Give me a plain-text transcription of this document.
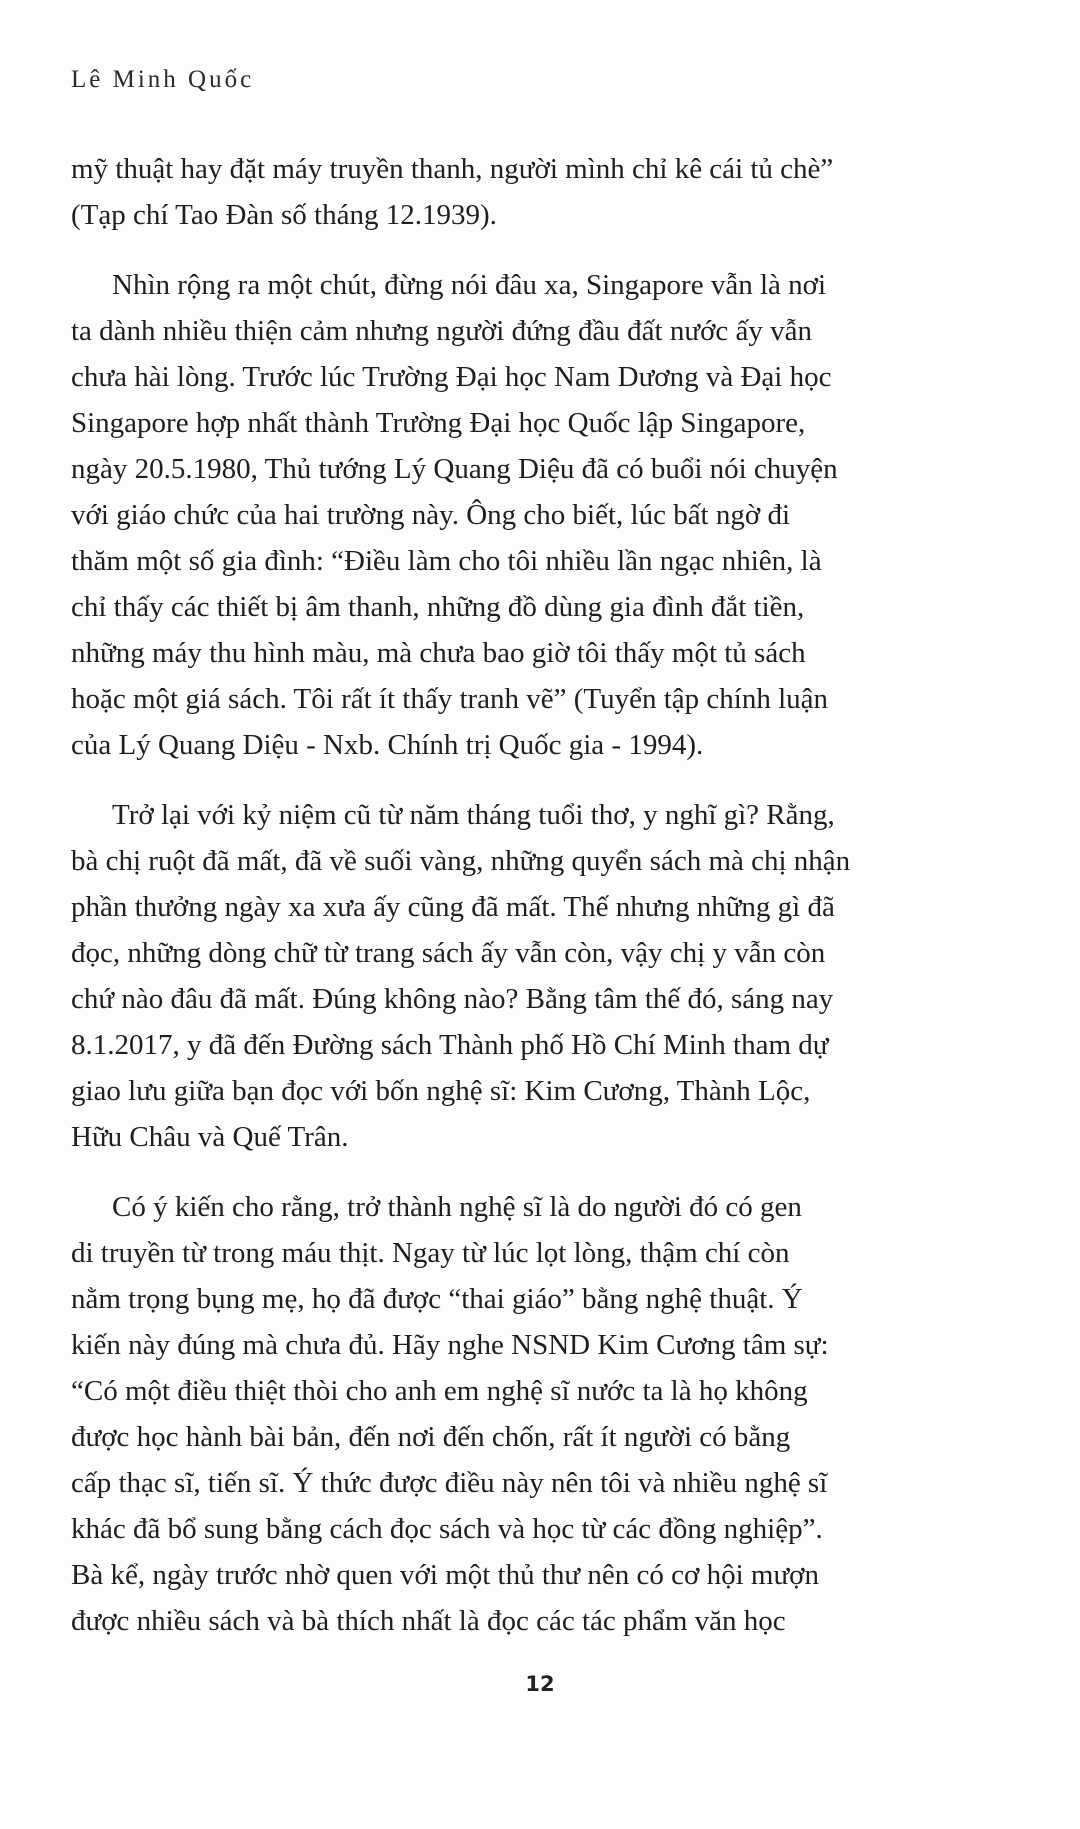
Lê Minh Quốc
mỹ thuật hay đặt máy truyền thanh, người mình chỉ kê cái tủ chè”
(Tạp chí Tao Đàn số tháng 12.1939).
Nhìn rộng ra một chút, đừng nói đâu xa, Singapore vẫn là nơi
ta dành nhiều thiện cảm nhưng người đứng đầu đất nước ấy vẫn
chưa hài lòng. Trước lúc Trường Đại học Nam Dương và Đại học
Singapore hợp nhất thành Trường Đại học Quốc lập Singapore,
ngày 20.5.1980, Thủ tướng Lý Quang Diệu đã có buổi nói chuyện
với giáo chức của hai trường này. Ông cho biết, lúc bất ngờ đi
thăm một số gia đình: “Điều làm cho tôi nhiều lần ngạc nhiên, là
chỉ thấy các thiết bị âm thanh, những đồ dùng gia đình đắt tiền,
những máy thu hình màu, mà chưa bao giờ tôi thấy một tủ sách
hoặc một giá sách. Tôi rất ít thấy tranh vẽ” (Tuyển tập chính luận
của Lý Quang Diệu - Nxb. Chính trị Quốc gia - 1994).
Trở lại với kỷ niệm cũ từ năm tháng tuổi thơ, y nghĩ gì? Rằng,
bà chị ruột đã mất, đã về suối vàng, những quyển sách mà chị nhận
phần thưởng ngày xa xưa ấy cũng đã mất. Thế nhưng những gì đã
đọc, những dòng chữ từ trang sách ấy vẫn còn, vậy chị y vẫn còn
chứ nào đâu đã mất. Đúng không nào? Bằng tâm thế đó, sáng nay
8.1.2017, y đã đến Đường sách Thành phố Hồ Chí Minh tham dự
giao lưu giữa bạn đọc với bốn nghệ sĩ: Kim Cương, Thành Lộc,
Hữu Châu và Quế Trân.
Có ý kiến cho rằng, trở thành nghệ sĩ là do người đó có gen
di truyền từ trong máu thịt. Ngay từ lúc lọt lòng, thậm chí còn
nằm trọng bụng mẹ, họ đã được “thai giáo” bằng nghệ thuật. Ý
kiến này đúng mà chưa đủ. Hãy nghe NSND Kim Cương tâm sự:
“Có một điều thiệt thòi cho anh em nghệ sĩ nước ta là họ không
được học hành bài bản, đến nơi đến chốn, rất ít người có bằng
cấp thạc sĩ, tiến sĩ. Ý thức được điều này nên tôi và nhiều nghệ sĩ
khác đã bổ sung bằng cách đọc sách và học từ các đồng nghiệp”.
Bà kể, ngày trước nhờ quen với một thủ thư nên có cơ hội mượn
được nhiều sách và bà thích nhất là đọc các tác phẩm văn học
12
